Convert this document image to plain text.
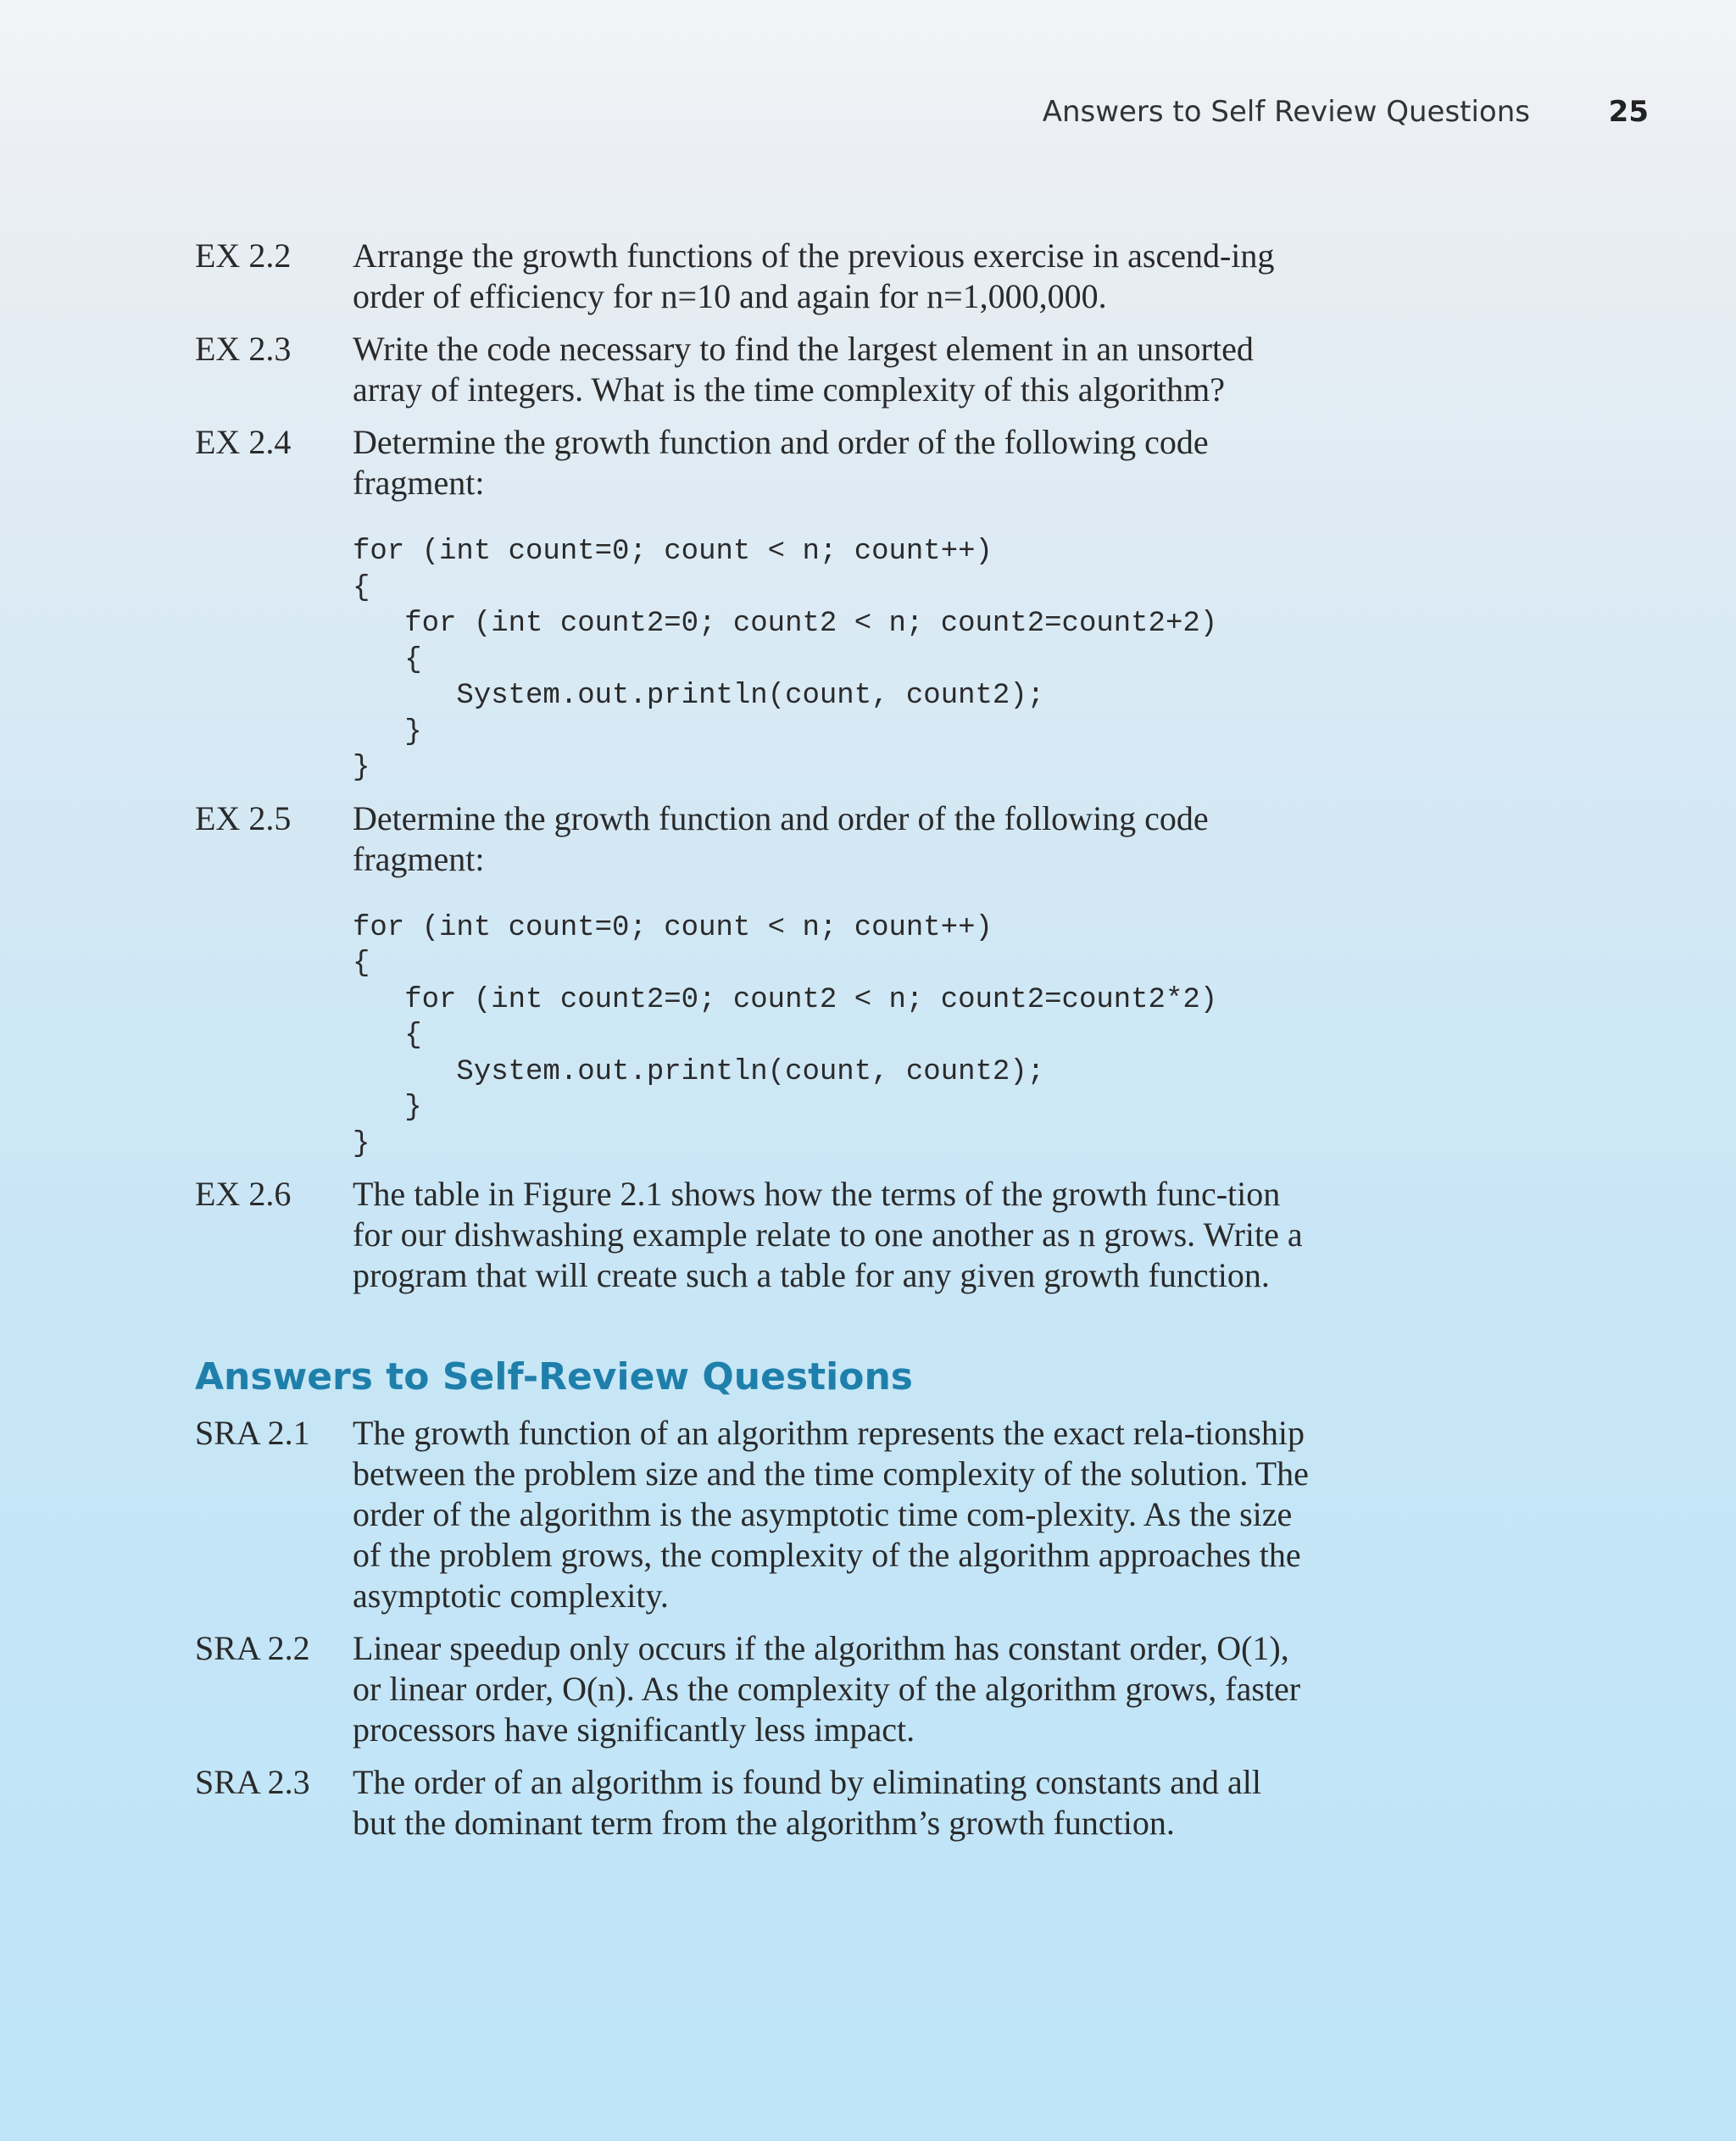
Answers to Self Review Questions	25
EX 2.2	Arrange the growth functions of the previous exercise in ascend-ing order of efficiency for n=10 and again for n=1,000,000.

EX 2.3	Write the code necessary to find the largest element in an unsorted array of integers. What is the time complexity of this algorithm?

EX 2.4	Determine the growth function and order of the following code fragment:

for (int count=0; count < n; count++)
{
for (int count2=0; count2 < n; count2=count2+2)
{
System.out.println(count, count2);
}
}
EX 2.5	Determine the growth function and order of the following code fragment:

for (int count=0; count < n; count++)
{
for (int count2=0; count2 < n; count2=count2*2)
{
System.out.println(count, count2);
}
}
EX 2.6	The table in Figure 2.1 shows how the terms of the growth func-tion for our dishwashing example relate to one another as n grows. Write a program that will create such a table for any given growth function.

Answers to Self-Review Questions
SRA 2.1	The growth function of an algorithm represents the exact rela-tionship between the problem size and the time complexity of the solution. The order of the algorithm is the asymptotic time com-plexity. As the size of the problem grows, the complexity of the algorithm approaches the asymptotic complexity.

SRA 2.2	Linear speedup only occurs if the algorithm has constant order, O(1), or linear order, O(n). As the complexity of the algorithm grows, faster processors have significantly less impact.

SRA 2.3	The order of an algorithm is found by eliminating constants and all but the dominant term from the algorithm’s growth function.
